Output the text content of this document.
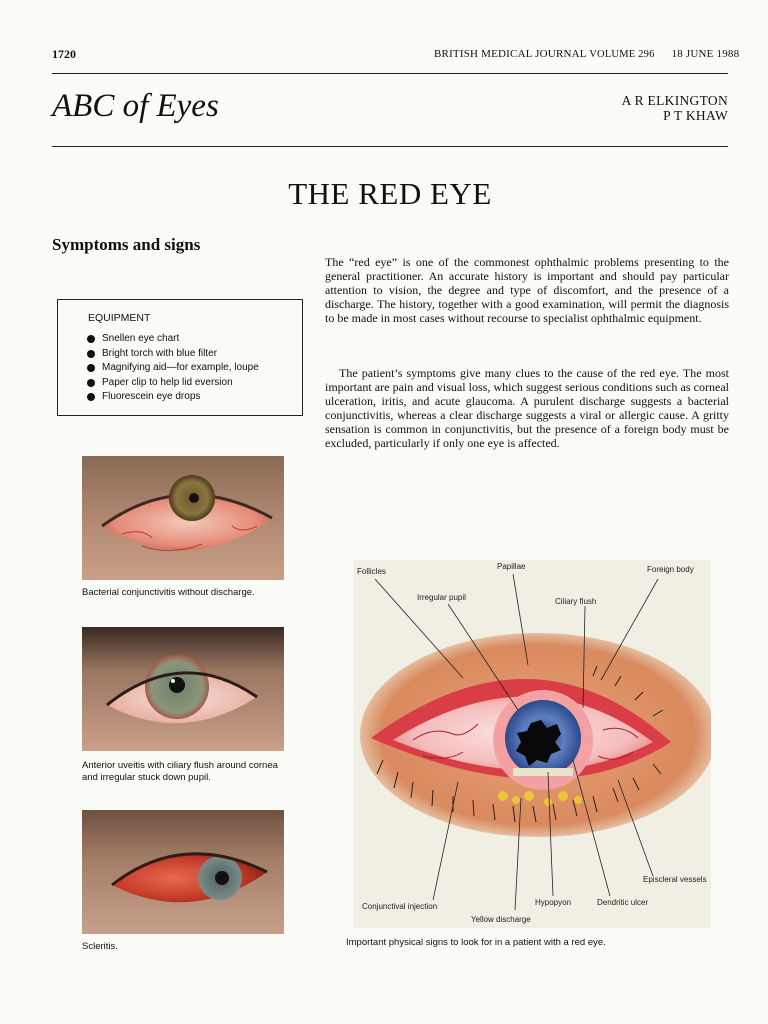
1720	BRITISH MEDICAL JOURNAL VOLUME 296 18 JUNE 1988
ABC of Eyes	A R ELKINGTON
P T KHAW
THE RED EYE
Symptoms and signs
EQUIPMENT
Snellen eye chart
Bright torch with blue filter
Magnifying aid—for example, loupe
Paper clip to help lid eversion
Fluorescein eye drops
The “red eye” is one of the commonest ophthalmic problems presenting to the general practitioner. An accurate history is important and should pay particular attention to vision, the degree and type of discomfort, and the presence of a discharge. The history, together with a good examination, will permit the diagnosis to be made in most cases without recourse to specialist ophthalmic equipment.
The patient’s symptoms give many clues to the cause of the red eye. The most important are pain and visual loss, which suggest serious conditions such as corneal ulceration, iritis, and acute glaucoma. A purulent discharge suggests a bacterial conjunctivitis, whereas a clear discharge suggests a viral or allergic cause. A gritty sensation is common in conjunctivitis, but the presence of a foreign body must be excluded, particularly if only one eye is affected.
Bacterial conjunctivitis without discharge.
Anterior uveitis with ciliary flush around cornea and irregular stuck down pupil.
Scleritis.
Follicles
Papillae	Foreign body
Irregular pupil	Ciliary flush
Episcleral vessels
Conjunctival injection	Hypopyon	Dendritic ulcer
Yellow discharge
Important physical signs to look for in a patient with a red eye.
